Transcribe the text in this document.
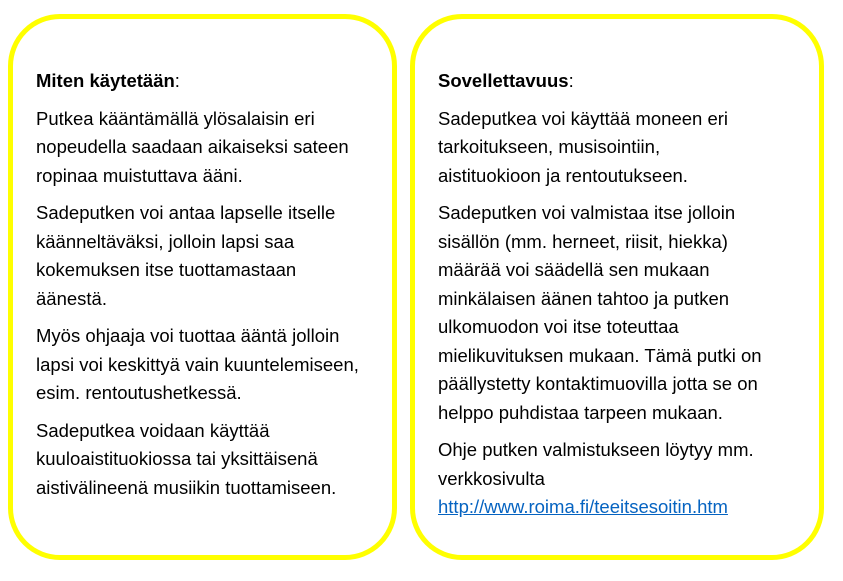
Miten käytetään:
Putkea kääntämällä ylösalaisin eri
nopeudella saadaan aikaiseksi sateen
ropinaa muistuttava ääni.
Sadeputken voi antaa lapselle itselle
käänneltäväksi, jolloin lapsi saa
kokemuksen itse tuottamastaan
äänestä.
Myös ohjaaja voi tuottaa ääntä jolloin
lapsi voi keskittyä vain kuuntelemiseen,
esim. rentoutushetkessä.
Sadeputkea voidaan käyttää
kuuloaistituokiossa tai yksittäisenä
aistivälineenä musiikin tuottamiseen.
Sovellettavuus:
Sadeputkea voi käyttää moneen eri
tarkoitukseen, musisointiin,
aistituokioon ja rentoutukseen.
Sadeputken voi valmistaa itse jolloin
sisällön (mm. herneet, riisit, hiekka)
määrää voi säädellä sen mukaan
minkälaisen äänen tahtoo ja putken
ulkomuodon voi itse toteuttaa
mielikuvituksen mukaan. Tämä putki on
päällystetty kontaktimuovilla jotta se on
helppo puhdistaa tarpeen mukaan.
Ohje putken valmistukseen löytyy mm.
verkkosivulta
http://www.roima.fi/teeitsesoitin.htm
